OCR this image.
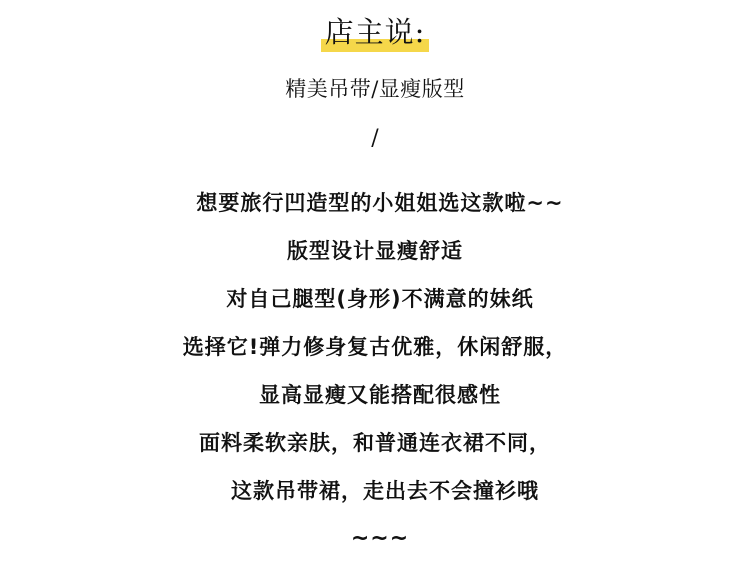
店主说:
精美吊带/显瘦版型
/
想要旅行凹造型的小姐姐选这款啦~~
版型设计显瘦舒适
对自己腿型(身形)不满意的妹纸
选择它!弹力修身复古优雅，休闲舒服，
显高显瘦又能搭配很感性
面料柔软亲肤，和普通连衣裙不同，
这款吊带裙，走出去不会撞衫哦
~~~
